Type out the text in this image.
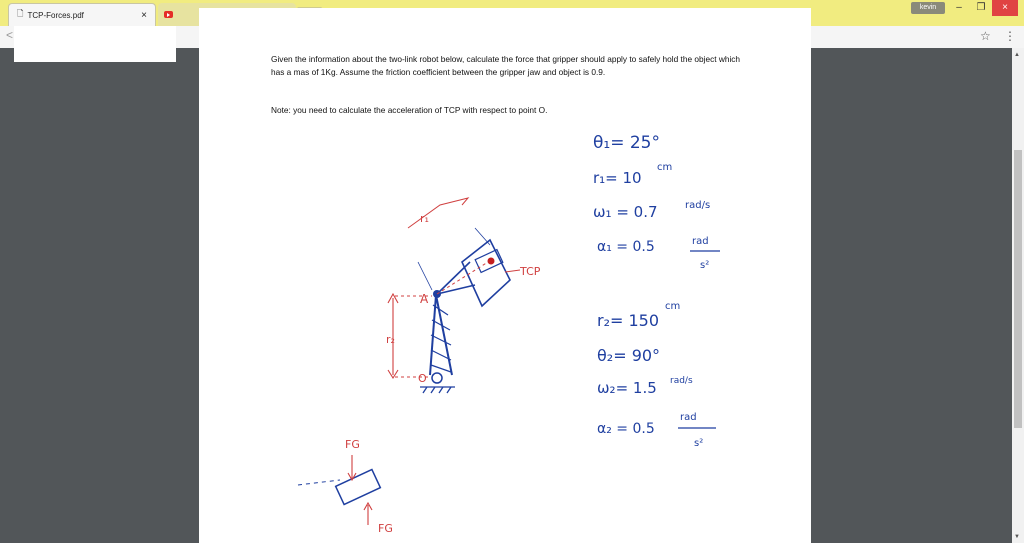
🗋 TCP-Forces.pdf	×
kevin	–	❐	×
<	☆ ⋮
▲
▼
Given the information about the two-link robot below, calculate the force that gripper should apply to safely hold the object which has a mas of 1Kg. Assume the friction coefficient between the gripper jaw and object is 0.9.
Note: you need to calculate the acceleration of TCP with respect to point O.
θ₁= 25°
r₁= 10
cm
ω₁ = 0.7	rad/s
α₁ = 0.5	rad
s²
r₂= 150
cm
θ₂= 90°
ω₂= 1.5 rad/s
α₂ = 0.5
rad
s²
r₁
A
O
r₂
TCP
FG
FG
